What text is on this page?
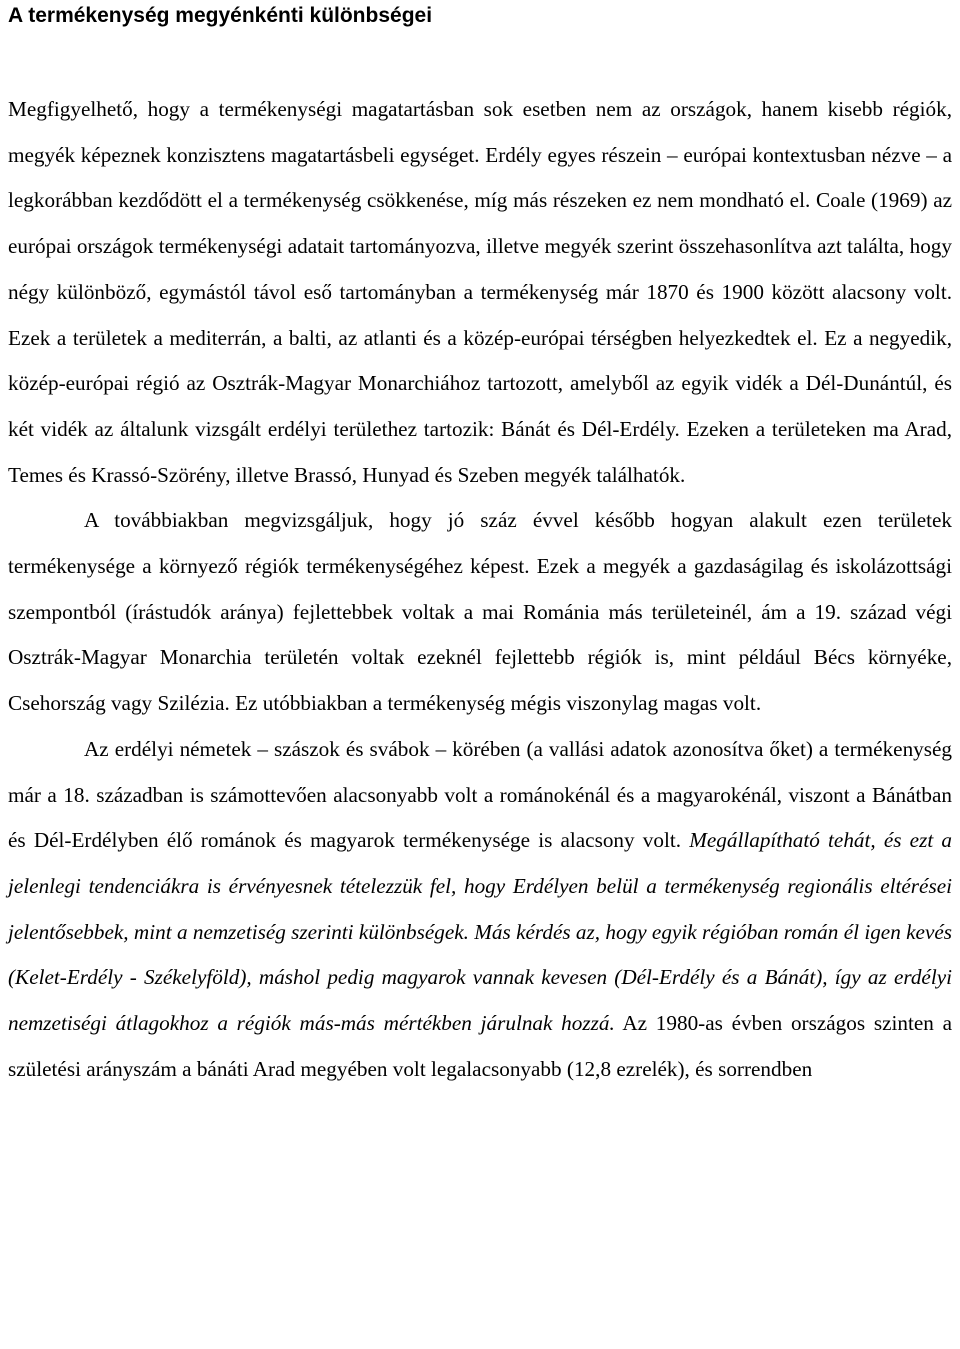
A termékenység megyénkénti különbségei

Megfigyelhető, hogy a termékenységi magatartásban sok esetben nem az országok, hanem kisebb régiók, megyék képeznek konzisztens magatartásbeli egységet. Erdély egyes részein – európai kontextusban nézve – a legkorábban kezdődött el a termékenység csökkenése, míg más részeken ez nem mondható el. Coale (1969) az európai országok termékenységi adatait tartományozva, illetve megyék szerint összehasonlítva azt találta, hogy négy különböző, egymástól távol eső tartományban a termékenység már 1870 és 1900 között alacsony volt. Ezek a területek a mediterrán, a balti, az atlanti és a közép-európai térségben helyezkedtek el. Ez a negyedik, közép-európai régió az Osztrák-Magyar Monarchiához tartozott, amelyből az egyik vidék a Dél-Dunántúl, és két vidék az általunk vizsgált erdélyi területhez tartozik: Bánát és Dél-Erdély. Ezeken a területeken ma Arad, Temes és Krassó-Szörény, illetve Brassó, Hunyad és Szeben megyék találhatók.

A továbbiakban megvizsgáljuk, hogy jó száz évvel később hogyan alakult ezen területek termékenysége a környező régiók termékenységéhez képest. Ezek a megyék a gazdaságilag és iskolázottsági szempontból (írástudók aránya) fejlettebbek voltak a mai Románia más területeinél, ám a 19. század végi Osztrák-Magyar Monarchia területén voltak ezeknél fejlettebb régiók is, mint például Bécs környéke, Csehország vagy Szilézia. Ez utóbbiakban a termékenység mégis viszonylag magas volt.

Az erdélyi németek – szászok és svábok – körében (a vallási adatok azonosítva őket) a termékenység már a 18. században is számottevően alacsonyabb volt a románokénál és a magyarokénál, viszont a Bánátban és Dél-Erdélyben élő románok és magyarok termékenysége is alacsony volt. Megállapítható tehát, és ezt a jelenlegi tendenciákra is érvényesnek tételezzük fel, hogy Erdélyen belül a termékenység regionális eltérései jelentősebbek, mint a nemzetiség szerinti különbségek. Más kérdés az, hogy egyik régióban román él igen kevés (Kelet-Erdély - Székelyföld), máshol pedig magyarok vannak kevesen (Dél-Erdély és a Bánát), így az erdélyi nemzetiségi átlagokhoz a régiók más-más mértékben járulnak hozzá. Az 1980-as évben országos szinten a születési arányszám a bánáti Arad megyében volt legalacsonyabb (12,8 ezrelék), és sorrendben
